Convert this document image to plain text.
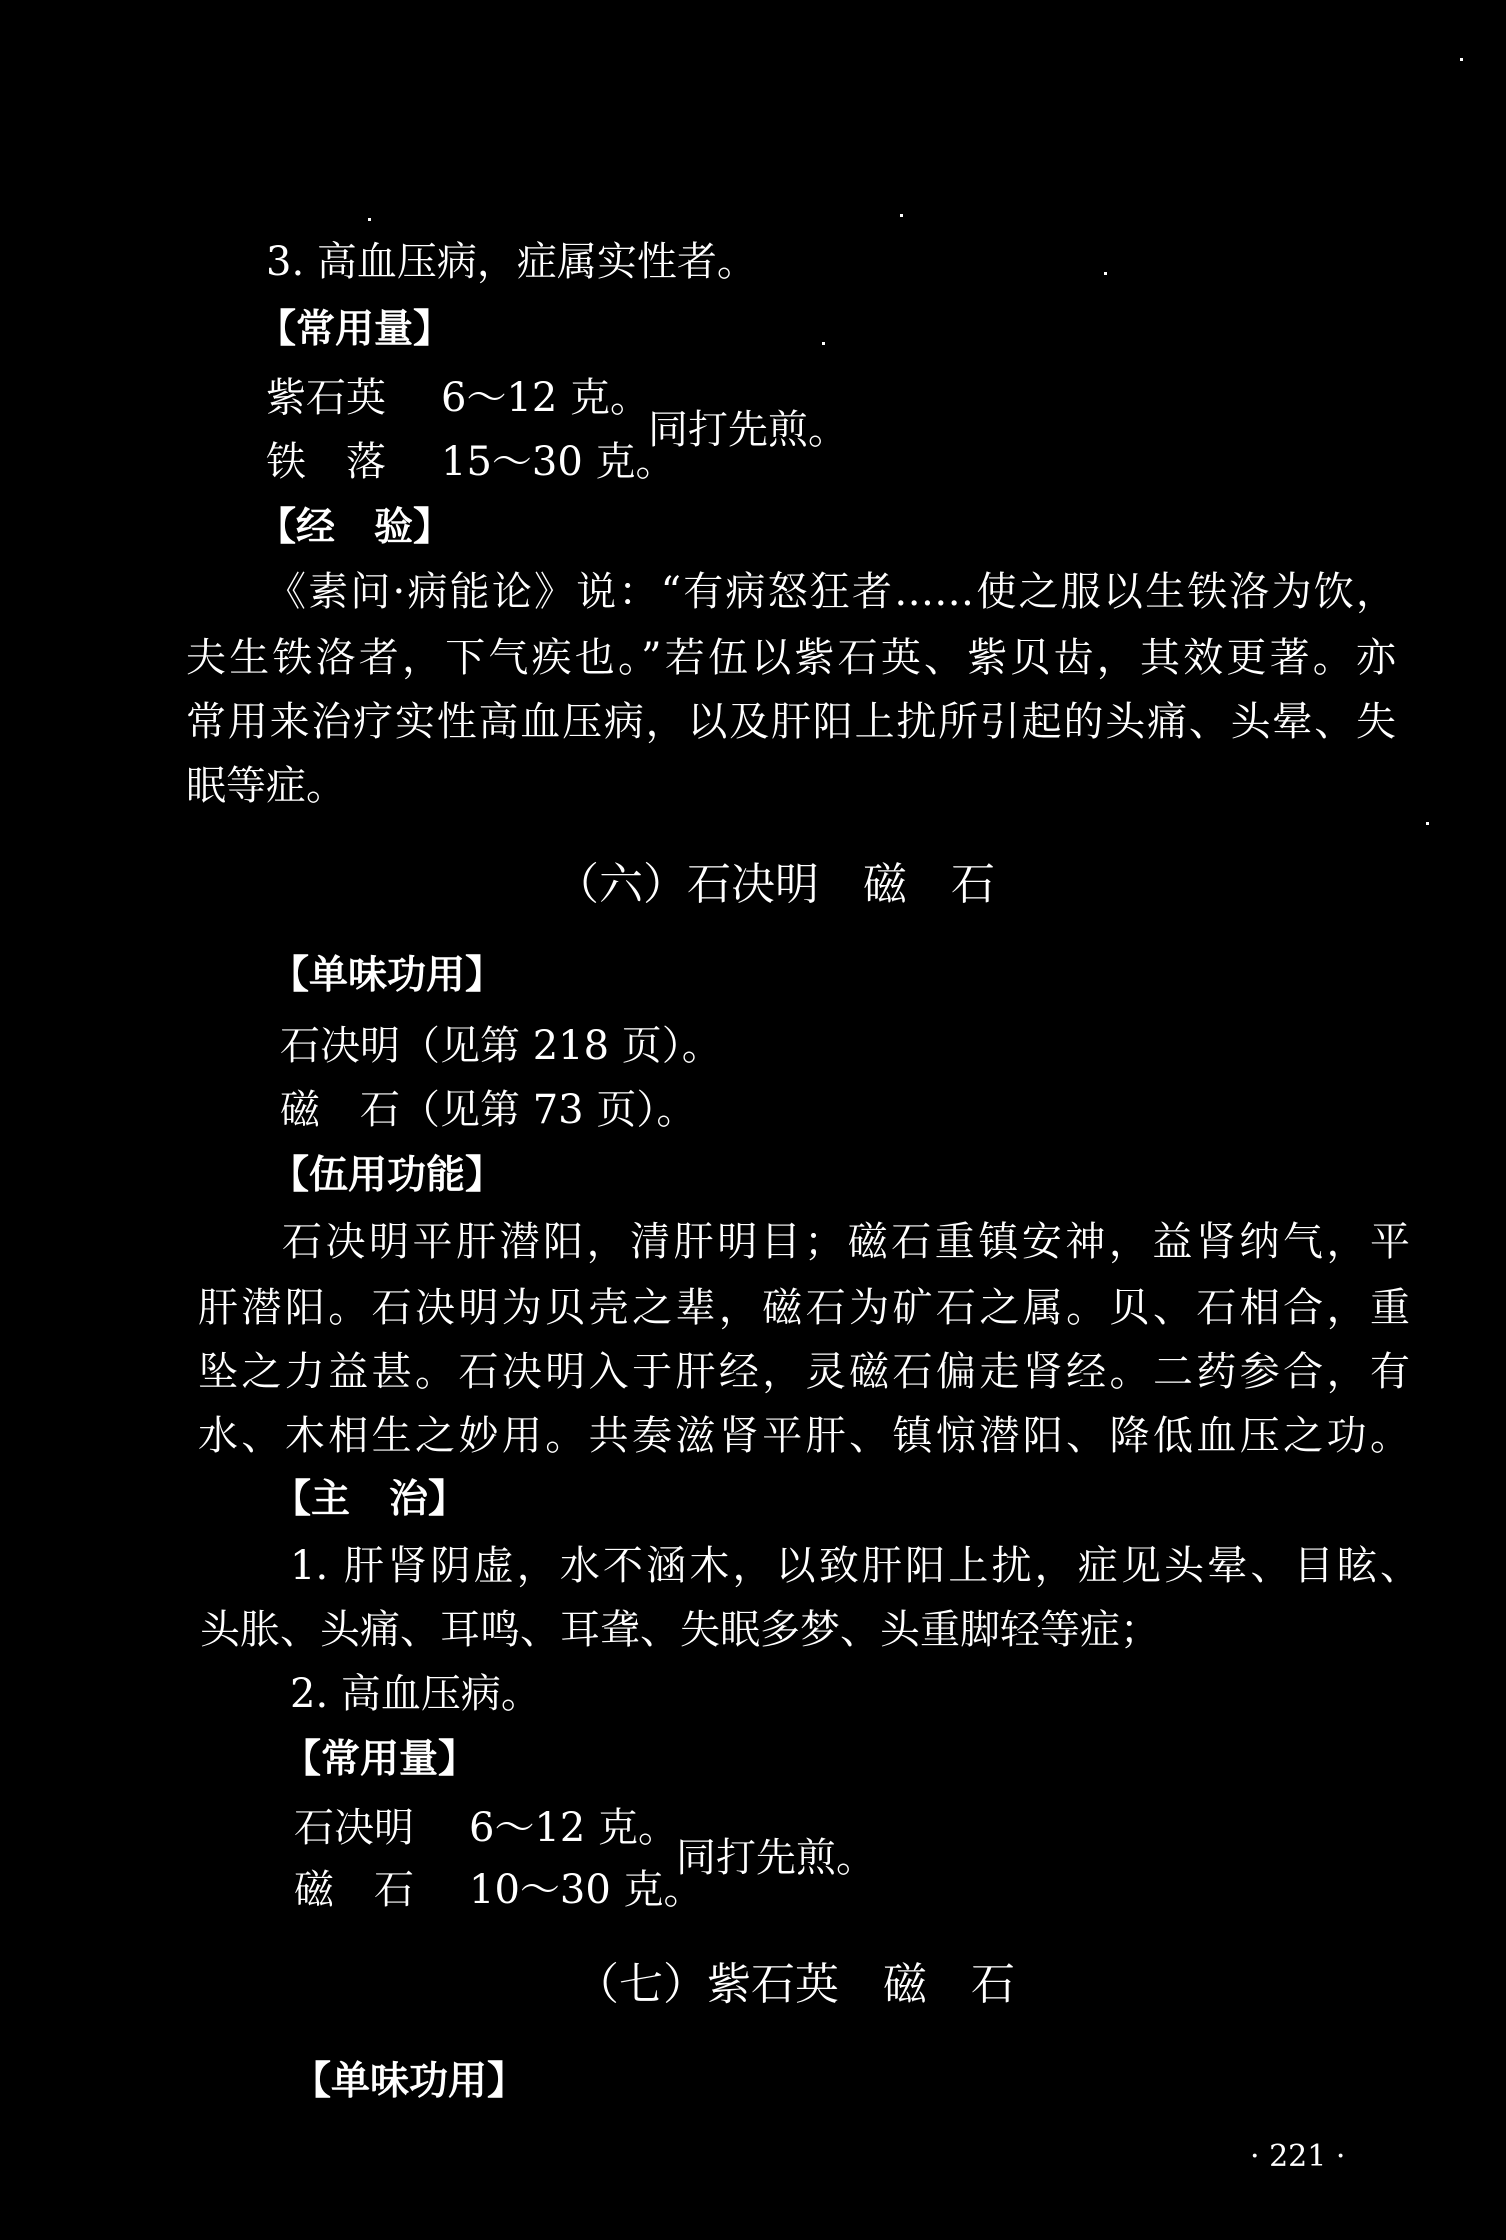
3. 高血压病，症属实性者。
【常用量】
紫石英 6～12 克。
铁　落 15～30 克。
同打先煎。
【经　验】
《素问·病能论》说：“有病怒狂者……使之服以生铁洛为饮，
夫生铁洛者，下气疾也。”若伍以紫石英、紫贝齿，其效更著。亦
常用来治疗实性高血压病，以及肝阳上扰所引起的头痛、头晕、失
眠等症。
（六）石决明　磁　石
【单味功用】
石决明（见第 218 页）。
磁　石（见第 73 页）。
【伍用功能】
石决明平肝潜阳，清肝明目；磁石重镇安神，益肾纳气，平
肝潜阳。石决明为贝壳之辈，磁石为矿石之属。贝、石相合，重
坠之力益甚。石决明入于肝经，灵磁石偏走肾经。二药参合，有
水、木相生之妙用。共奏滋肾平肝、镇惊潜阳、降低血压之功。
【主　治】
1. 肝肾阴虚，水不涵木，以致肝阳上扰，症见头晕、目眩、
头胀、头痛、耳鸣、耳聋、失眠多梦、头重脚轻等症；
2. 高血压病。
【常用量】
石决明 6～12 克。
磁　石 10～30 克。
同打先煎。
（七）紫石英　磁　石
【单味功用】
· 221 ·
